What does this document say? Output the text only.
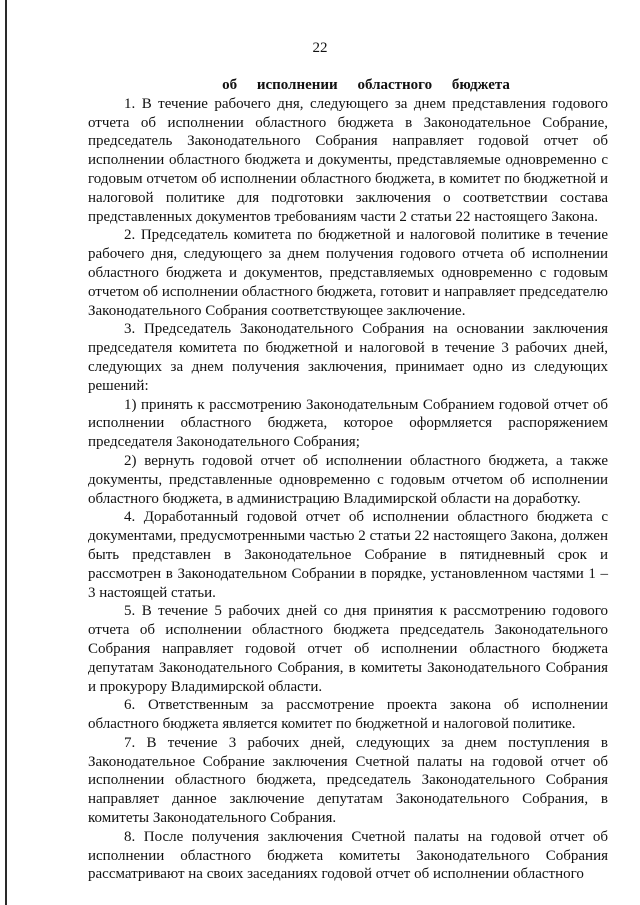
22
об исполнении областного бюджета

1. В течение рабочего дня, следующего за днем представления годового отчета об исполнении областного бюджета в Законодательное Собрание, председатель Законодательного Собрания направляет годовой отчет об исполнении областного бюджета и документы, представляемые одновременно с годовым отчетом об исполнении областного бюджета, в комитет по бюджетной и налоговой политике для подготовки заключения о соответствии состава представленных документов требованиям части 2 статьи 22 настоящего Закона.

2. Председатель комитета по бюджетной и налоговой политике в течение рабочего дня, следующего за днем получения годового отчета об исполнении областного бюджета и документов, представляемых одновременно с годовым отчетом об исполнении областного бюджета, готовит и направляет председателю Законодательного Собрания соответствующее заключение.

3. Председатель Законодательного Собрания на основании заключения председателя комитета по бюджетной и налоговой в течение 3 рабочих дней, следующих за днем получения заключения, принимает одно из следующих решений:

1) принять к рассмотрению Законодательным Собранием годовой отчет об исполнении областного бюджета, которое оформляется распоряжением председателя Законодательного Собрания;

2) вернуть годовой отчет об исполнении областного бюджета, а также документы, представленные одновременно с годовым отчетом об исполнении областного бюджета, в администрацию Владимирской области на доработку.

4. Доработанный годовой отчет об исполнении областного бюджета с документами, предусмотренными частью 2 статьи 22 настоящего Закона, должен быть представлен в Законодательное Собрание в пятидневный срок и рассмотрен в Законодательном Собрании в порядке, установленном частями 1 – 3 настоящей статьи.

5. В течение 5 рабочих дней со дня принятия к рассмотрению годового отчета об исполнении областного бюджета председатель Законодательного Собрания направляет годовой отчет об исполнении областного бюджета депутатам Законодательного Собрания, в комитеты Законодательного Собрания и прокурору Владимирской области.

6. Ответственным за рассмотрение проекта закона об исполнении областного бюджета является комитет по бюджетной и налоговой политике.

7. В течение 3 рабочих дней, следующих за днем поступления в Законодательное Собрание заключения Счетной палаты на годовой отчет об исполнении областного бюджета, председатель Законодательного Собрания направляет данное заключение депутатам Законодательного Собрания, в комитеты Законодательного Собрания.

8. После получения заключения Счетной палаты на годовой отчет об исполнении областного бюджета комитеты Законодательного Собрания рассматривают на своих заседаниях годовой отчет об исполнении областного
